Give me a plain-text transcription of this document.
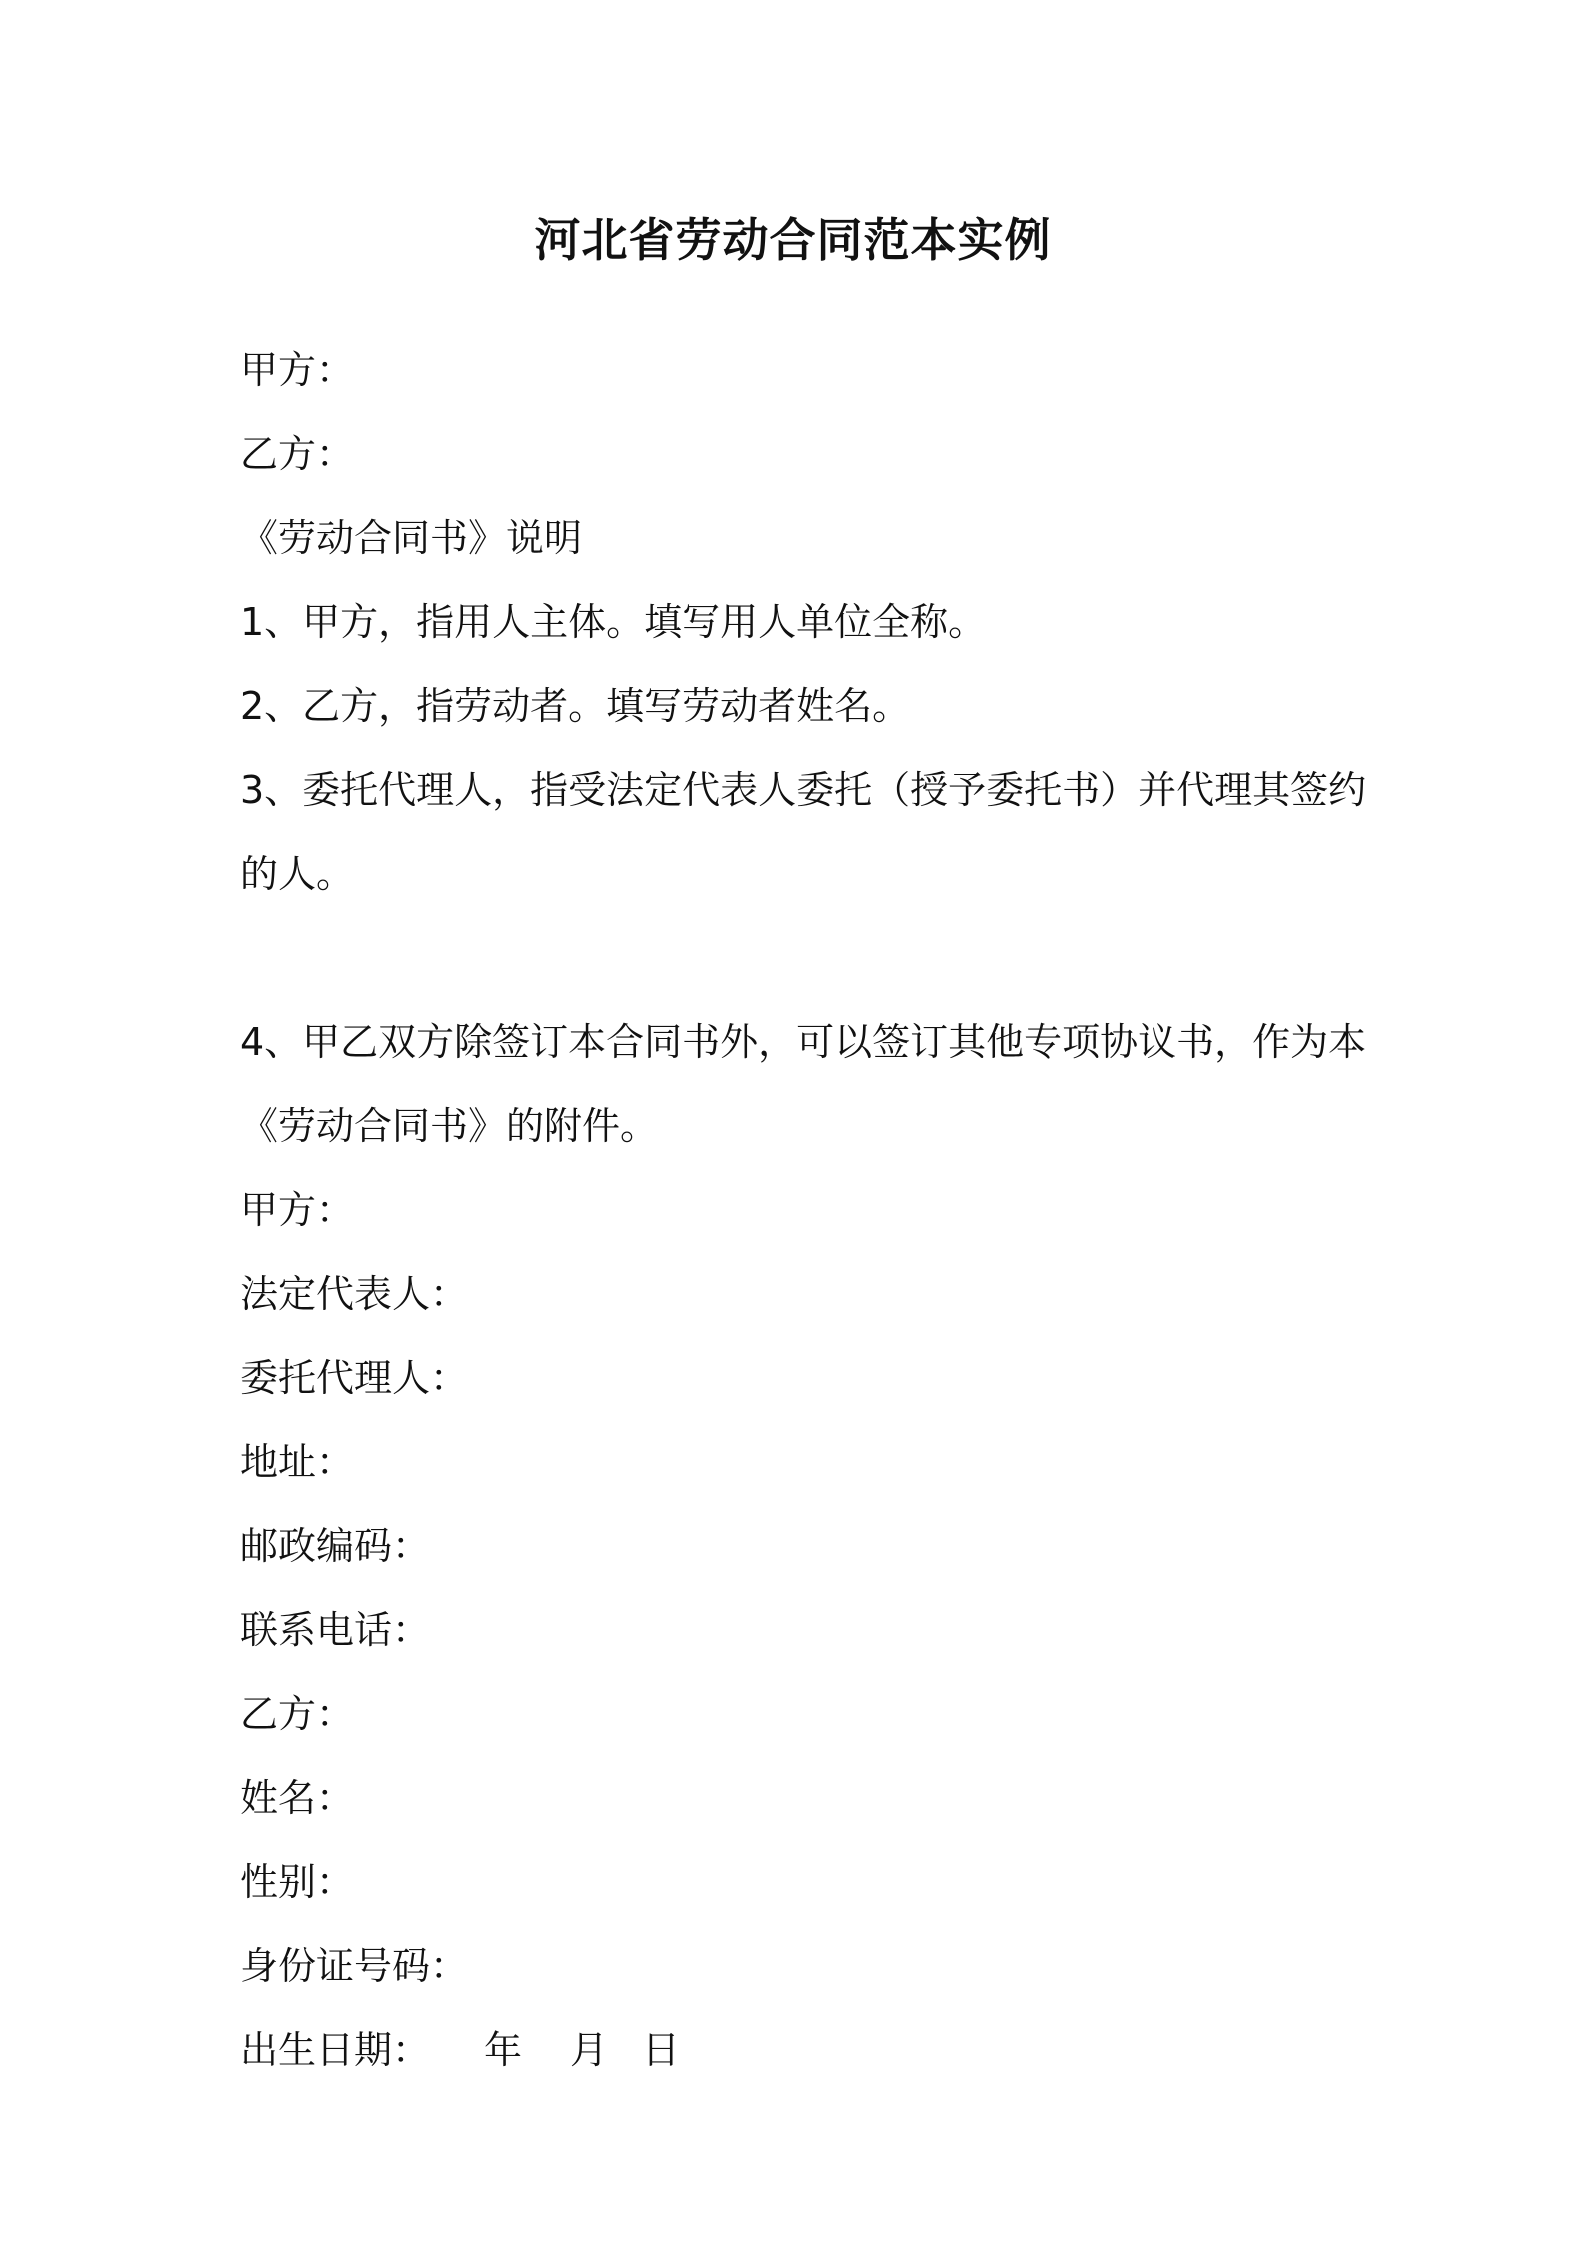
河北省劳动合同范本实例
甲方：
乙方：
《劳动合同书》说明
1、甲方，指用人主体。填写用人单位全称。
2、乙方，指劳动者。填写劳动者姓名。
3、委托代理人，指受法定代表人委托（授予委托书）并代理其签约
的人。
4、甲乙双方除签订本合同书外，可以签订其他专项协议书，作为本
《劳动合同书》的附件。
甲方：
法定代表人：
委托代理人：
地址：
邮政编码：
联系电话：
乙方：
姓名：
性别：
身份证号码：
出生日期： 年 月 日
